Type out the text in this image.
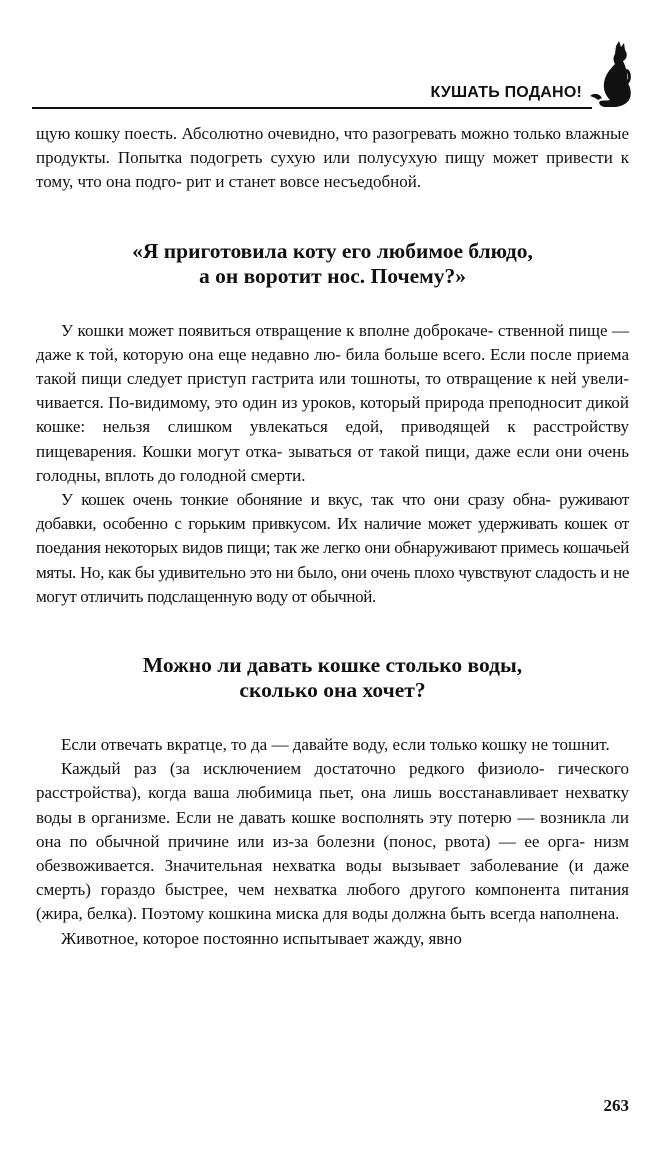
КУШАТЬ ПОДАНО!

щую кошку поесть. Абсолютно очевидно, что разогревать можно только влажные продукты. Попытка подогреть сухую или полусухую пищу может привести к тому, что она подго- рит и станет вовсе несъедобной.

«Я приготовила коту его любимое блюдо,
а он воротит нос. Почему?»

У кошки может появиться отвращение к вполне доброкаче- ственной пище — даже к той, которую она еще недавно лю- била больше всего. Если после приема такой пищи следует приступ гастрита или тошноты, то отвращение к ней увели- чивается. По-видимому, это один из уроков, который природа преподносит дикой кошке: нельзя слишком увлекаться едой, приводящей к расстройству пищеварения. Кошки могут отка- зываться от такой пищи, даже если они очень голодны, вплоть до голодной смерти.

У кошек очень тонкие обоняние и вкус, так что они сразу обна- руживают добавки, особенно с горьким привкусом. Их наличие может удерживать кошек от поедания некоторых видов пищи; так же легко они обнаруживают примесь кошачьей мяты. Но, как бы удивительно это ни было, они очень плохо чувствуют сладость и не могут отличить подслащенную воду от обычной.

Можно ли давать кошке столько воды,
сколько она хочет?

Если отвечать вкратце, то да — давайте воду, если только кошку не тошнит.

Каждый раз (за исключением достаточно редкого физиоло- гического расстройства), когда ваша любимица пьет, она лишь восстанавливает нехватку воды в организме. Если не давать кошке восполнять эту потерю — возникла ли она по обычной причине или из-за болезни (понос, рвота) — ее орга- низм обезвоживается. Значительная нехватка воды вызывает заболевание (и даже смерть) гораздо быстрее, чем нехватка любого другого компонента питания (жира, белка). Поэтому кошкина миска для воды должна быть всегда наполнена.

Животное, которое постоянно испытывает жажду, явно

263
